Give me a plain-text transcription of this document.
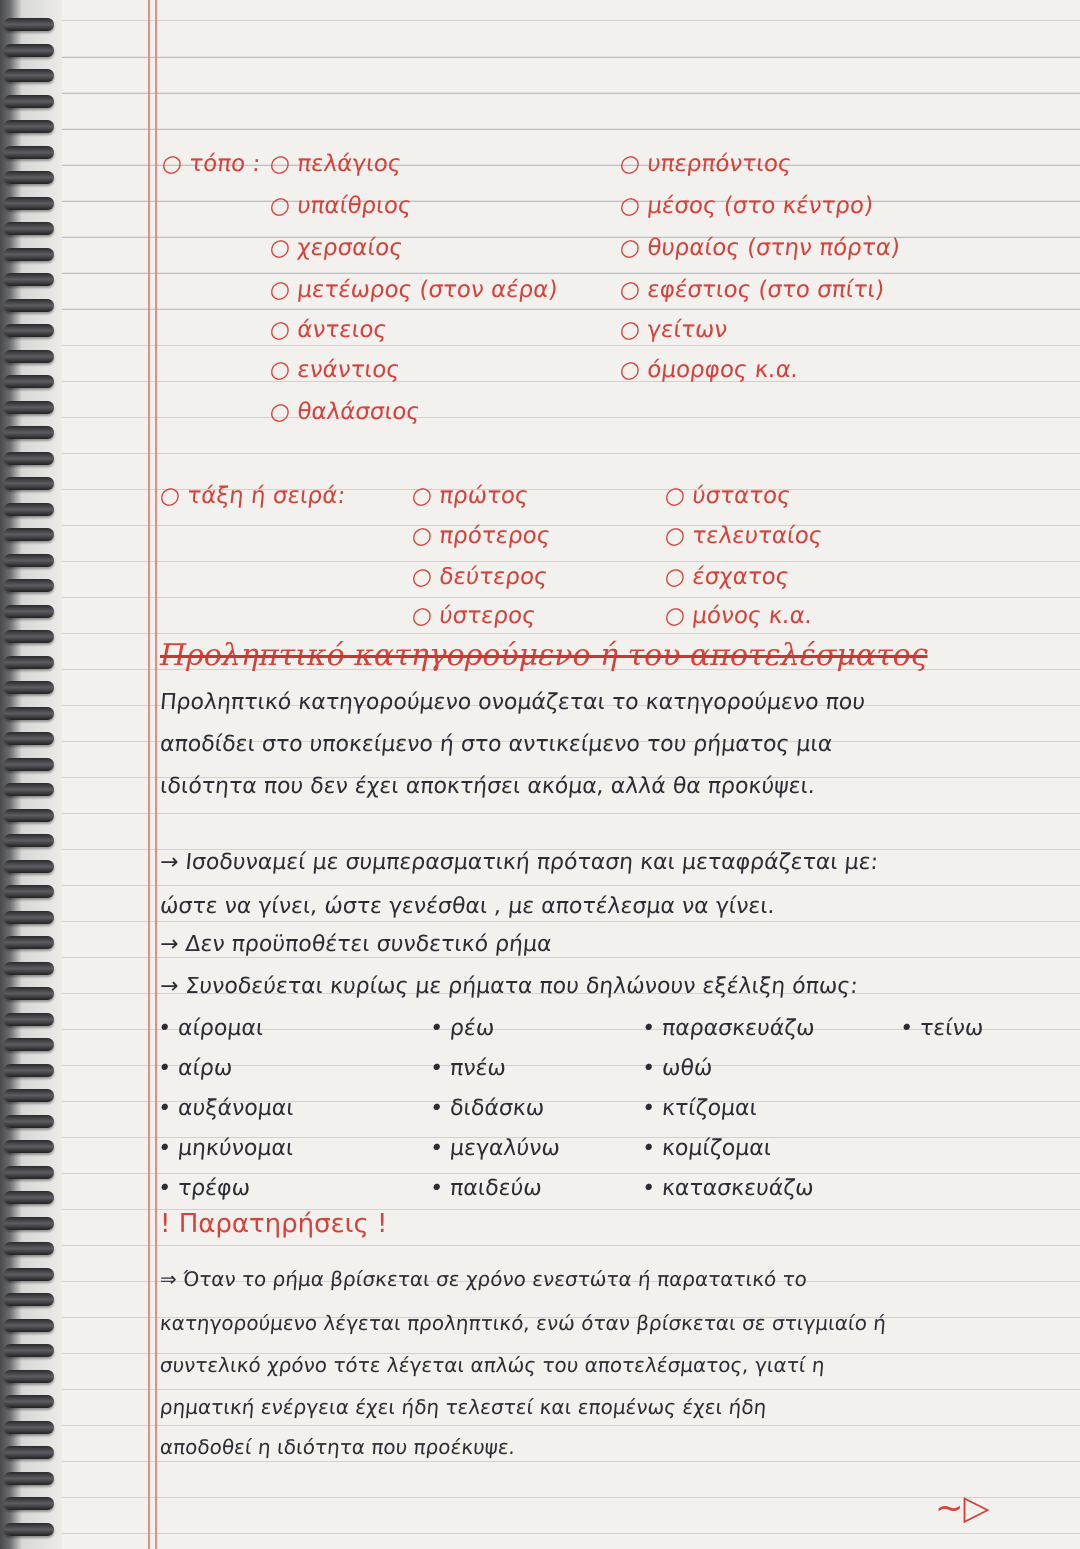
○ τόπο : ○ πελάγιος
○ υπαίθριος
○ χερσαίος
○ μετέωρος (στον αέρα)
○ άντειος
○ ενάντιος
○ θαλάσσιος
○ υπερπόντιος
○ μέσος (στο κέντρο)
○ θυραίος (στην πόρτα)
○ εφέστιος (στο σπίτι)
○ γείτων
○ όμορφος κ.α.
○ τάξη ή σειρά:	○ πρώτος
○ πρότερος
○ δεύτερος
○ ύστερος
○ ύστατος
○ τελευταίος
○ έσχατος
○ μόνος κ.α.
Προληπτικό κατηγορούμενο ή του αποτελέσματος
Προληπτικό κατηγορούμενο ονομάζεται το κατηγορούμενο που
αποδίδει στο υποκείμενο ή στο αντικείμενο του ρήματος μια
ιδιότητα που δεν έχει αποκτήσει ακόμα, αλλά θα προκύψει.
→ Ισοδυναμεί με συμπερασματική πρόταση και μεταφράζεται με:
ώστε να γίνει, ώστε γενέσθαι , με αποτέλεσμα να γίνει.
→ Δεν προϋποθέτει συνδετικό ρήμα
→ Συνοδεύεται κυρίως με ρήματα που δηλώνουν εξέλιξη όπως:
• αίρομαι
• αίρω
• αυξάνομαι
• μηκύνομαι
• τρέφω
• ρέω
• πνέω
• διδάσκω
• μεγαλύνω
• παιδεύω
• παρασκευάζω
• ωθώ
• κτίζομαι
• κομίζομαι
• κατασκευάζω
• τείνω
! Παρατηρήσεις !
⇒ Όταν το ρήμα βρίσκεται σε χρόνο ενεστώτα ή παρατατικό το
κατηγορούμενο λέγεται προληπτικό, ενώ όταν βρίσκεται σε στιγμιαίο ή
συντελικό χρόνο τότε λέγεται απλώς του αποτελέσματος, γιατί η
ρηματική ενέργεια έχει ήδη τελεστεί και επομένως έχει ήδη
αποδοθεί η ιδιότητα που προέκυψε.
~▷
